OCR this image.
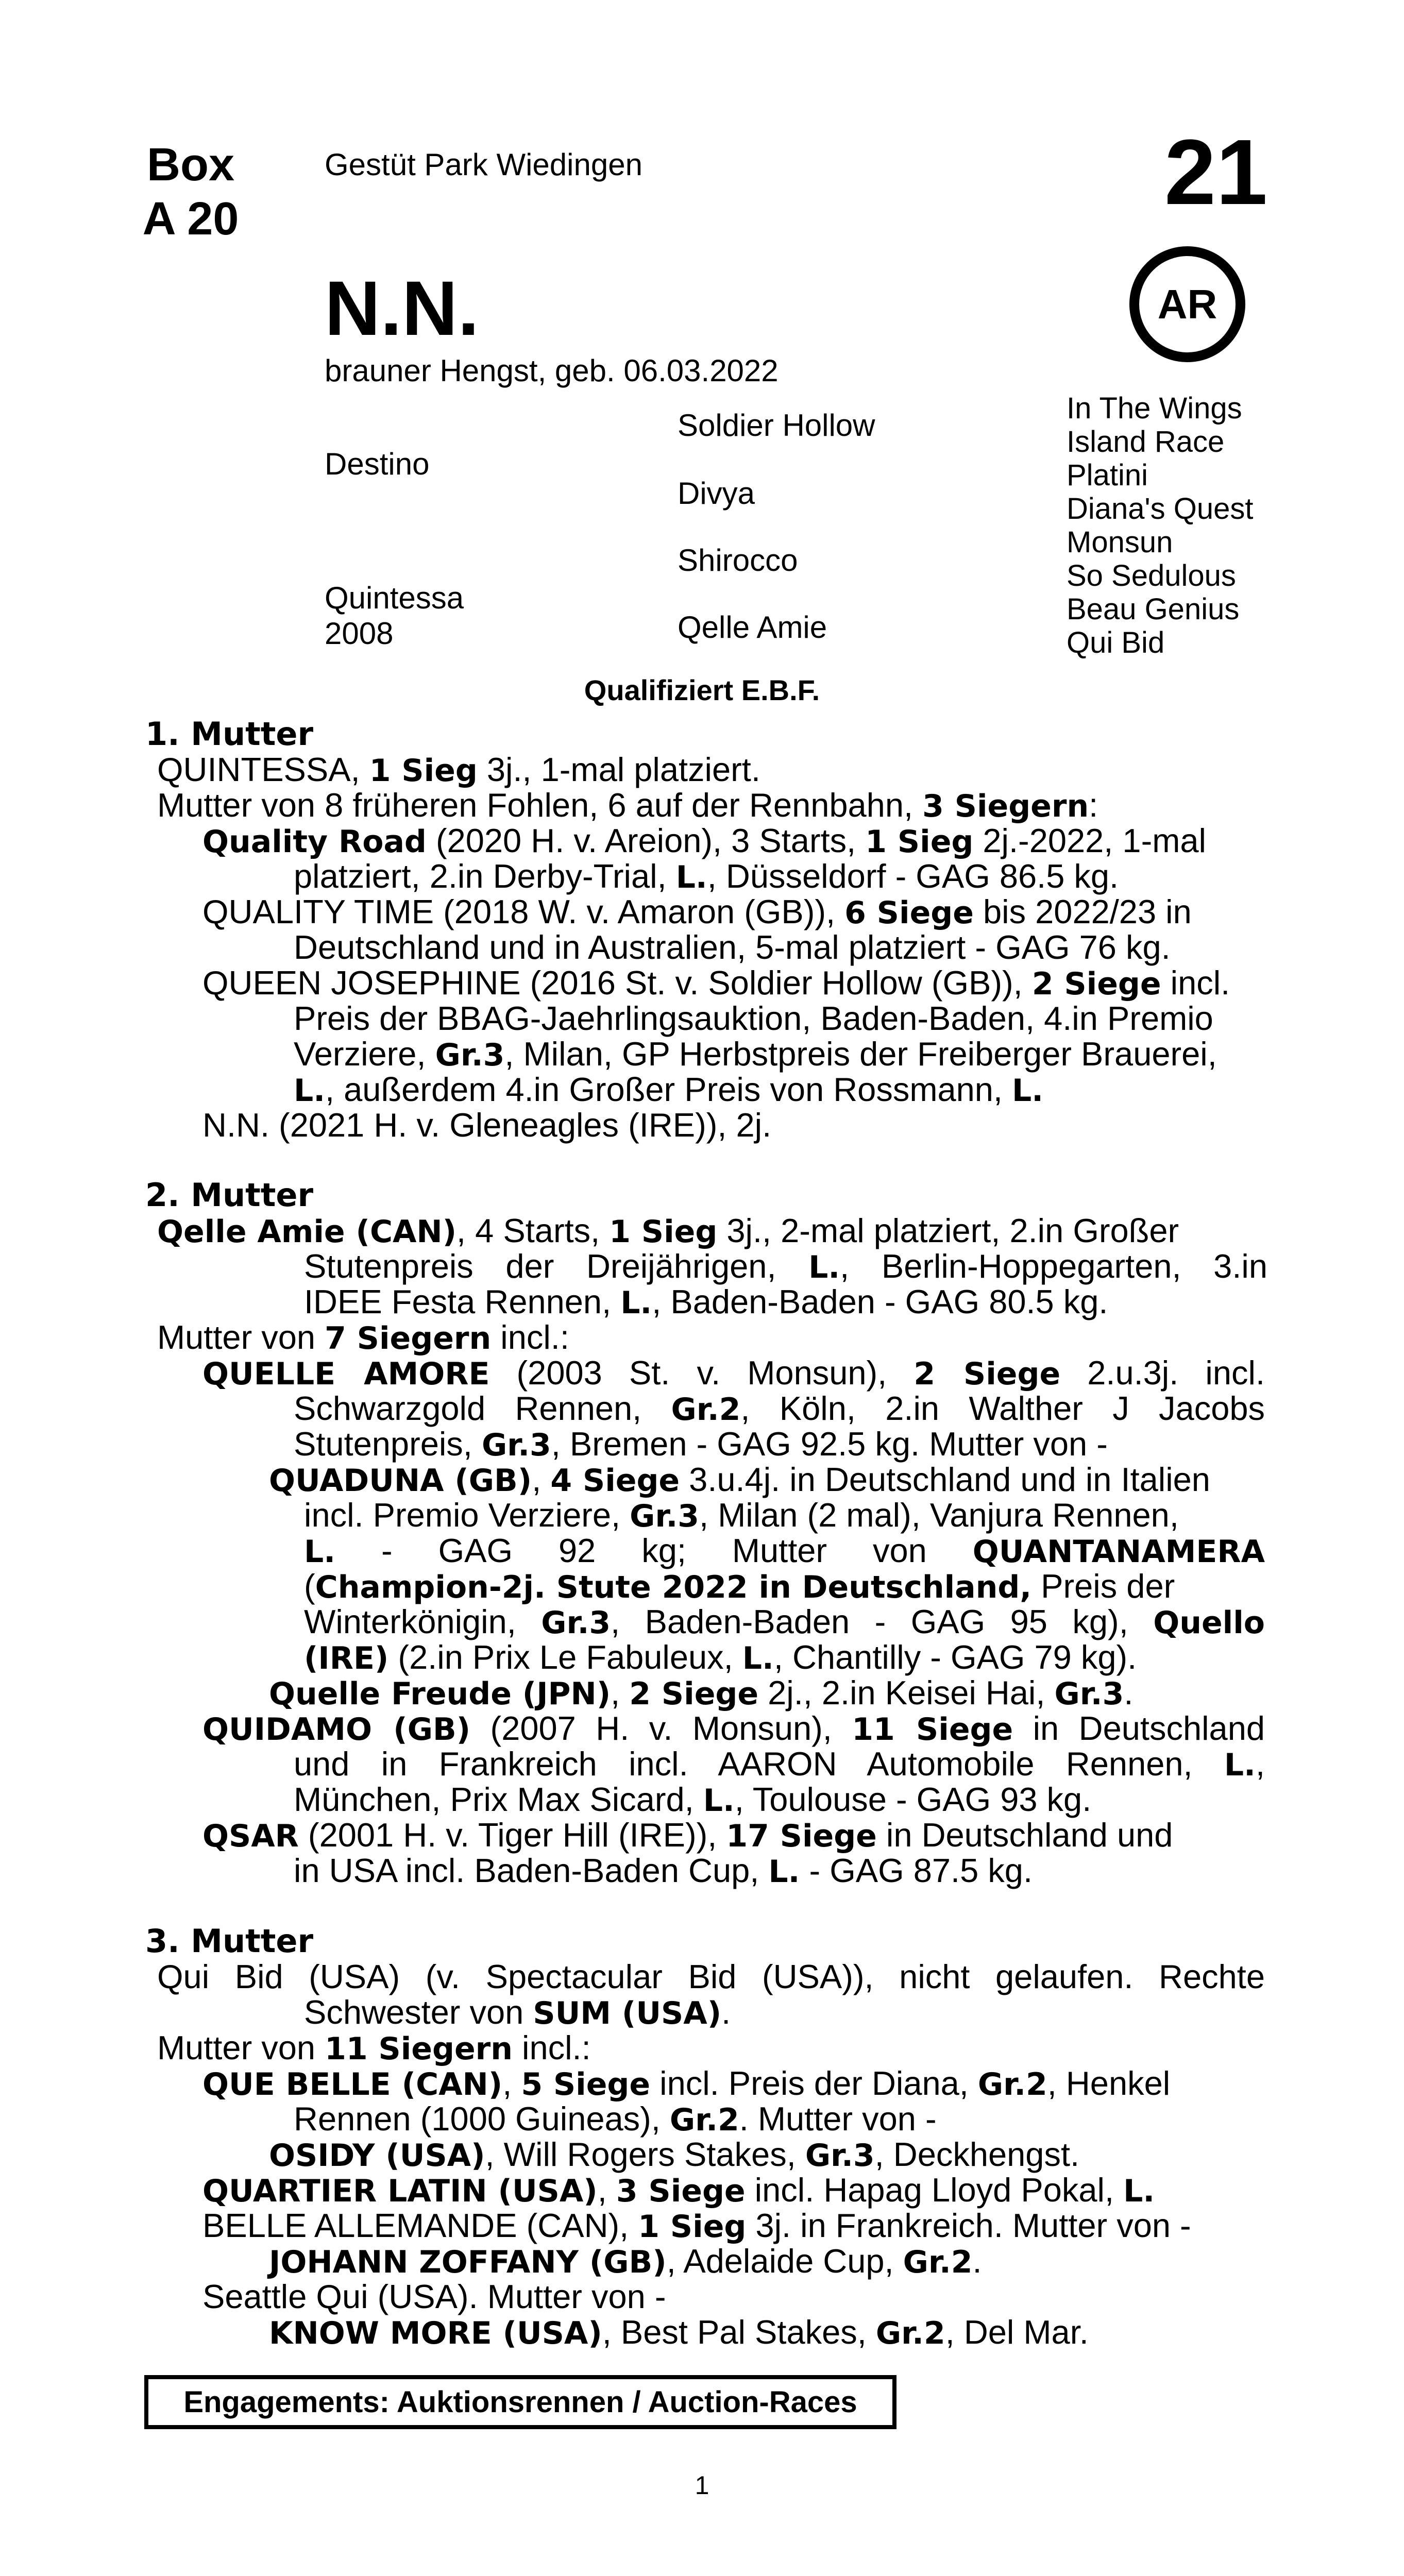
Box
A 20
Gestüt Park Wiedingen	21
AR
N.N.
brauner Hengst, geb. 06.03.2022
Destino
Quintessa
2008
Soldier Hollow
Divya
Shirocco
Qelle Amie
In The Wings
Island Race
Platini
Diana's Quest
Monsun
So Sedulous
Beau Genius
Qui Bid
Qualifiziert E.B.F.
1. Mutter
QUINTESSA, 1 Sieg 3j., 1-mal platziert.
Mutter von 8 früheren Fohlen, 6 auf der Rennbahn, 3 Siegern:
Quality Road (2020 H. v. Areion), 3 Starts, 1 Sieg 2j.-2022, 1-mal
platziert, 2.in Derby-Trial, L., Düsseldorf - GAG 86.5 kg.
QUALITY TIME (2018 W. v. Amaron (GB)), 6 Siege bis 2022/23 in
Deutschland und in Australien, 5-mal platziert - GAG 76 kg.
QUEEN JOSEPHINE (2016 St. v. Soldier Hollow (GB)), 2 Siege incl.
Preis der BBAG-Jaehrlingsauktion, Baden-Baden, 4.in Premio
Verziere, Gr.3, Milan, GP Herbstpreis der Freiberger Brauerei,
L., außerdem 4.in Großer Preis von Rossmann, L.
N.N. (2021 H. v. Gleneagles (IRE)), 2j.
2. Mutter
Qelle Amie (CAN), 4 Starts, 1 Sieg 3j., 2-mal platziert, 2.in Großer
Stutenpreis der Dreijährigen, L., Berlin-Hoppegarten, 3.in
IDEE Festa Rennen, L., Baden-Baden - GAG 80.5 kg.
Mutter von 7 Siegern incl.:
QUELLE AMORE (2003 St. v. Monsun), 2 Siege 2.u.3j. incl.
Schwarzgold Rennen, Gr.2, Köln, 2.in Walther J Jacobs
Stutenpreis, Gr.3, Bremen - GAG 92.5 kg. Mutter von -
QUADUNA (GB), 4 Siege 3.u.4j. in Deutschland und in Italien
incl. Premio Verziere, Gr.3, Milan (2 mal), Vanjura Rennen,
L. - GAG 92 kg; Mutter von QUANTANAMERA
(Champion-2j. Stute 2022 in Deutschland, Preis der
Winterkönigin, Gr.3, Baden-Baden - GAG 95 kg), Quello
(IRE) (2.in Prix Le Fabuleux, L., Chantilly - GAG 79 kg).
Quelle Freude (JPN), 2 Siege 2j., 2.in Keisei Hai, Gr.3.
QUIDAMO (GB) (2007 H. v. Monsun), 11 Siege in Deutschland
und in Frankreich incl. AARON Automobile Rennen, L.,
München, Prix Max Sicard, L., Toulouse - GAG 93 kg.
QSAR (2001 H. v. Tiger Hill (IRE)), 17 Siege in Deutschland und
in USA incl. Baden-Baden Cup, L. - GAG 87.5 kg.
3. Mutter
Qui Bid (USA) (v. Spectacular Bid (USA)), nicht gelaufen. Rechte
Schwester von SUM (USA).
Mutter von 11 Siegern incl.:
QUE BELLE (CAN), 5 Siege incl. Preis der Diana, Gr.2, Henkel
Rennen (1000 Guineas), Gr.2. Mutter von -
OSIDY (USA), Will Rogers Stakes, Gr.3, Deckhengst.
QUARTIER LATIN (USA), 3 Siege incl. Hapag Lloyd Pokal, L.
BELLE ALLEMANDE (CAN), 1 Sieg 3j. in Frankreich. Mutter von -
JOHANN ZOFFANY (GB), Adelaide Cup, Gr.2.
Seattle Qui (USA). Mutter von -
KNOW MORE (USA), Best Pal Stakes, Gr.2, Del Mar.
Engagements: Auktionsrennen / Auction-Races
1
